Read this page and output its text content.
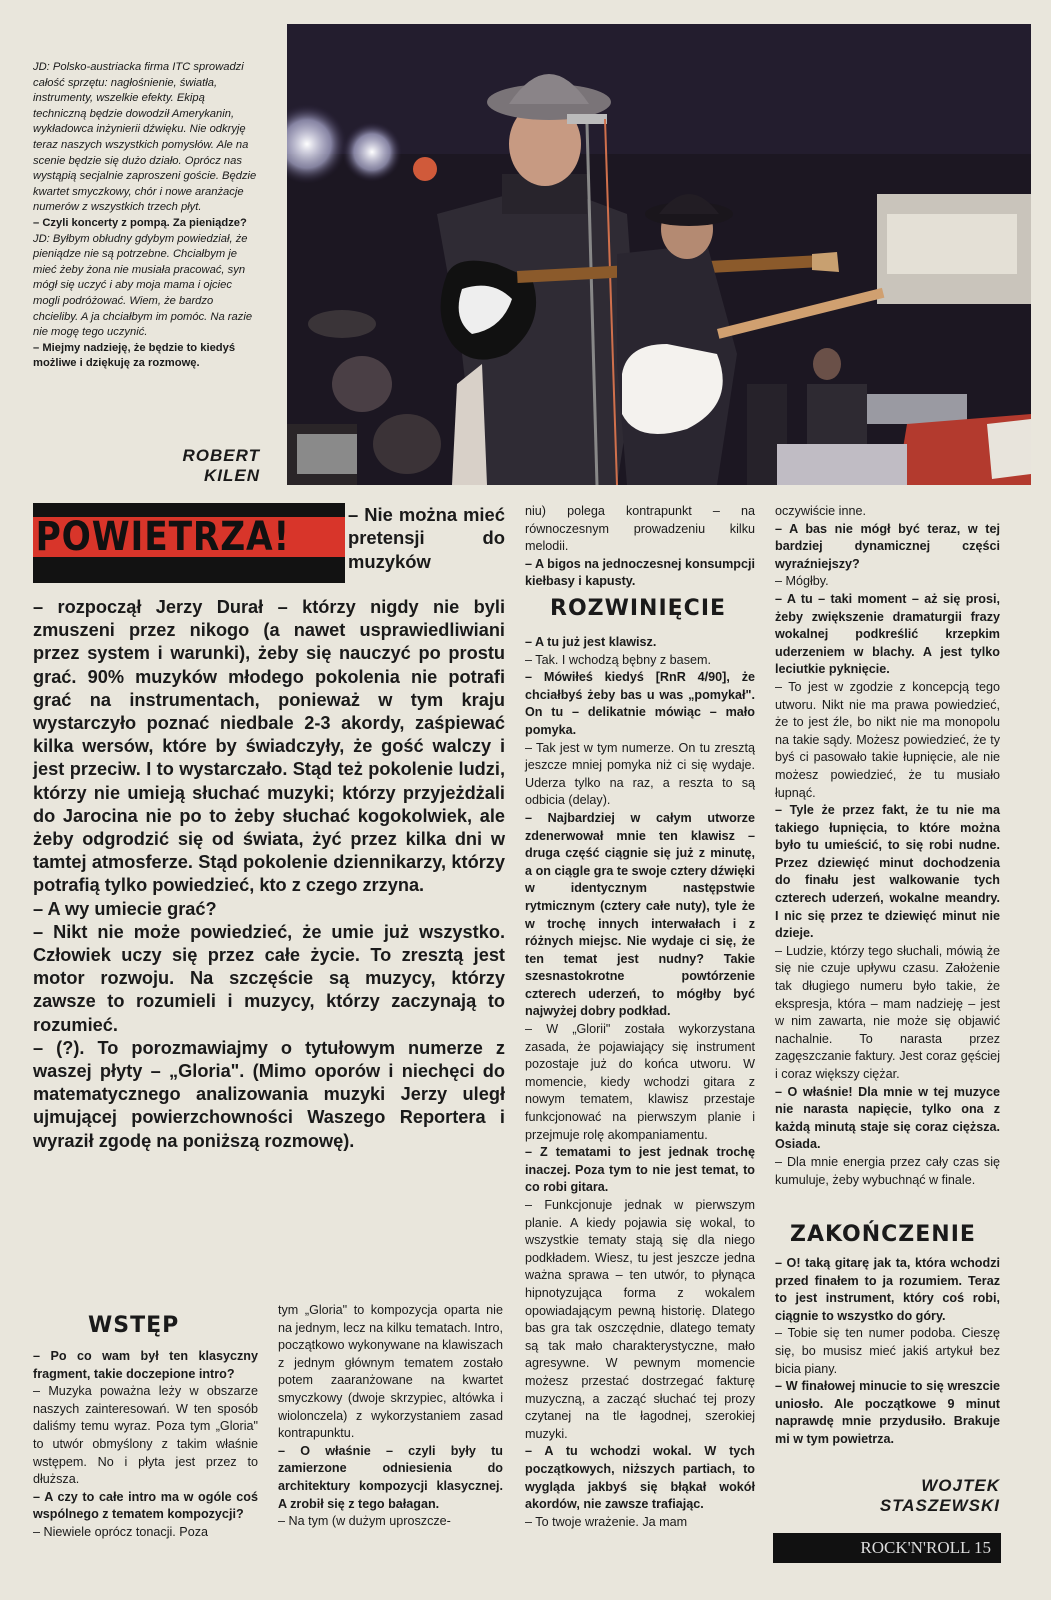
JD: Polsko-austriacka firma ITC sprowadzi całość sprzętu: nagłośnienie, światła, instrumenty, wszelkie efekty. Ekipą techniczną będzie dowodził Amerykanin, wykładowca inżynierii dźwięku. Nie odkryję teraz naszych wszystkich pomysłów. Ale na scenie będzie się dużo działo. Oprócz nas wystąpią secjalnie zaproszeni goście. Będzie kwartet smyczkowy, chór i nowe aranżacje numerów z wszystkich trzech płyt.

– Czyli koncerty z pompą. Za pieniądze?

JD: Byłbym obłudny gdybym powiedział, że pieniądze nie są potrzebne. Chciałbym je mieć żeby żona nie musiała pracować, syn mógł się uczyć i aby moja mama i ojciec mogli podróżować. Wiem, że bardzo chcieliby. A ja chciałbym im pomóc. Na razie nie mogę tego uczynić.

– Miejmy nadzieję, że będzie to kiedyś możliwe i dziękuję za rozmowę.

ROBERT
KILEN
POWIETRZA!	– Nie można mieć pretensji do muzyków

– rozpoczął Jerzy Durał – którzy nigdy nie byli zmuszeni przez nikogo (a nawet usprawiedliwiani przez system i warunki), żeby się nauczyć po prostu grać. 90% muzyków młodego pokolenia nie potrafi grać na instrumentach, ponieważ w tym kraju wystarczyło poznać niedbale 2-3 akordy, zaśpiewać kilka wersów, które by świadczyły, że gość walczy i jest przeciw. I to wystarczało. Stąd też pokolenie ludzi, którzy nie umieją słuchać muzyki; którzy przyjeżdżali do Jarocina nie po to żeby słuchać kogokolwiek, ale żeby odgrodzić się od świata, żyć przez kilka dni w tamtej atmosferze. Stąd pokolenie dziennikarzy, którzy potrafią tylko powiedzieć, kto z czego zrzyna.

– A wy umiecie grać?

– Nikt nie może powiedzieć, że umie już wszystko. Człowiek uczy się przez całe życie. To zresztą jest motor rozwoju. Na szczęście są muzycy, którzy zawsze to rozumieli i muzycy, którzy zaczynają to rozumieć.

– (?). To porozmawiajmy o tytułowym numerze z waszej płyty – „Gloria". (Mimo oporów i niechęci do matematycznego analizowania muzyki Jerzy uległ ujmującej powierzchowności Waszego Reportera i wyraził zgodę na poniższą rozmowę).

WSTĘP

– Po co wam był ten klasyczny fragment, takie doczepione intro?

– Muzyka poważna leży w obszarze naszych zainteresowań. W ten sposób daliśmy temu wyraz. Poza tym „Gloria" to utwór obmyślony z takim właśnie wstępem. No i płyta jest przez to dłuższa.

– A czy to całe intro ma w ogóle coś wspólnego z tematem kompozycji?

– Niewiele oprócz tonacji. Poza

tym „Gloria" to kompozycja oparta nie na jednym, lecz na kilku tematach. Intro, początkowo wykonywane na klawiszach z jednym głównym tematem zostało potem zaaranżowane na kwartet smyczkowy (dwoje skrzypiec, altówka i wiolonczela) z wykorzystaniem zasad kontrapunktu.

– O właśnie – czyli były tu zamierzone odniesienia do architektury kompozycji klasycznej. A zrobił się z tego bałagan.

– Na tym (w dużym uproszcze-

niu) polega kontrapunkt – na równoczesnym prowadzeniu kilku melodii.

– A bigos na jednoczesnej konsumpcji kiełbasy i kapusty.

ROZWINIĘCIE

– A tu już jest klawisz.

– Tak. I wchodzą bębny z basem.

– Mówiłeś kiedyś [RnR 4/90], że chciałbyś żeby bas u was „pomykał". On tu – delikatnie mówiąc – mało pomyka.

– Tak jest w tym numerze. On tu zresztą jeszcze mniej pomyka niż ci się wydaje. Uderza tylko na raz, a reszta to są odbicia (delay).

– Najbardziej w całym utworze zdenerwował mnie ten klawisz – druga część ciągnie się już z minutę, a on ciągle gra te swoje cztery dźwięki w identycznym następstwie rytmicznym (cztery całe nuty), tyle że w trochę innych interwałach i z różnych miejsc. Nie wydaje ci się, że ten temat jest nudny? Takie szesnastokrotne powtórzenie czterech uderzeń, to mógłby być najwyżej dobry podkład.

– W „Glorii" została wykorzystana zasada, że pojawiający się instrument pozostaje już do końca utworu. W momencie, kiedy wchodzi gitara z nowym tematem, klawisz przestaje funkcjonować na pierwszym planie i przejmuje rolę akompaniamentu.

– Z tematami to jest jednak trochę inaczej. Poza tym to nie jest temat, to co robi gitara.

– Funkcjonuje jednak w pierwszym planie. A kiedy pojawia się wokal, to wszystkie tematy stają się dla niego podkładem. Wiesz, tu jest jeszcze jedna ważna sprawa – ten utwór, to płynąca hipnotyzująca forma z wokalem opowiadającym pewną historię. Dlatego bas gra tak oszczędnie, dlatego tematy są tak mało charakterystyczne, mało agresywne. W pewnym momencie możesz przestać dostrzegać fakturę muzyczną, a zacząć słuchać tej prozy czytanej na tle łagodnej, szerokiej muzyki.

– A tu wchodzi wokal. W tych początkowych, niższych partiach, to wygląda jakbyś się błąkał wokół akordów, nie zawsze trafiając.

– To twoje wrażenie. Ja mam

oczywiście inne.

– A bas nie mógł być teraz, w tej bardziej dynamicznej części wyraźniejszy?

– Mógłby.

– A tu – taki moment – aż się prosi, żeby zwiększenie dramaturgii frazy wokalnej podkreślić krzepkim uderzeniem w blachy. A jest tylko leciutkie pyknięcie.

– To jest w zgodzie z koncepcją tego utworu. Nikt nie ma prawa powiedzieć, że to jest źle, bo nikt nie ma monopolu na takie sądy. Możesz powiedzieć, że ty byś ci pasowało takie łupnięcie, ale nie możesz powiedzieć, że tu musiało łupnąć.

– Tyle że przez fakt, że tu nie ma takiego łupnięcia, to które można było tu umieścić, to się robi nudne. Przez dziewięć minut dochodzenia do finału jest walkowanie tych czterech uderzeń, wokalne meandry. I nic się przez te dziewięć minut nie dzieje.

– Ludzie, którzy tego słuchali, mówią że się nie czuje upływu czasu. Założenie tak długiego numeru było takie, że ekspresja, która – mam nadzieję – jest w nim zawarta, nie może się objawić nachalnie. To narasta przez zagęszczanie faktury. Jest coraz gęściej i coraz większy ciężar.

– O właśnie! Dla mnie w tej muzyce nie narasta napięcie, tylko ona z każdą minutą staje się coraz cięższa. Osiada.

– Dla mnie energia przez cały czas się kumuluje, żeby wybuchnąć w finale.

ZAKOŃCZENIE

– O! taką gitarę jak ta, która wchodzi przed finałem to ja rozumiem. Teraz to jest instrument, który coś robi, ciągnie to wszystko do góry.

– Tobie się ten numer podoba. Cieszę się, bo musisz mieć jakiś artykuł bez bicia piany.

– W finałowej minucie to się wreszcie uniosło. Ale początkowe 9 minut naprawdę mnie przydusiło. Brakuje mi w tym powietrza.

WOJTEK
STASZEWSKI
ROCK'N'ROLL 15
